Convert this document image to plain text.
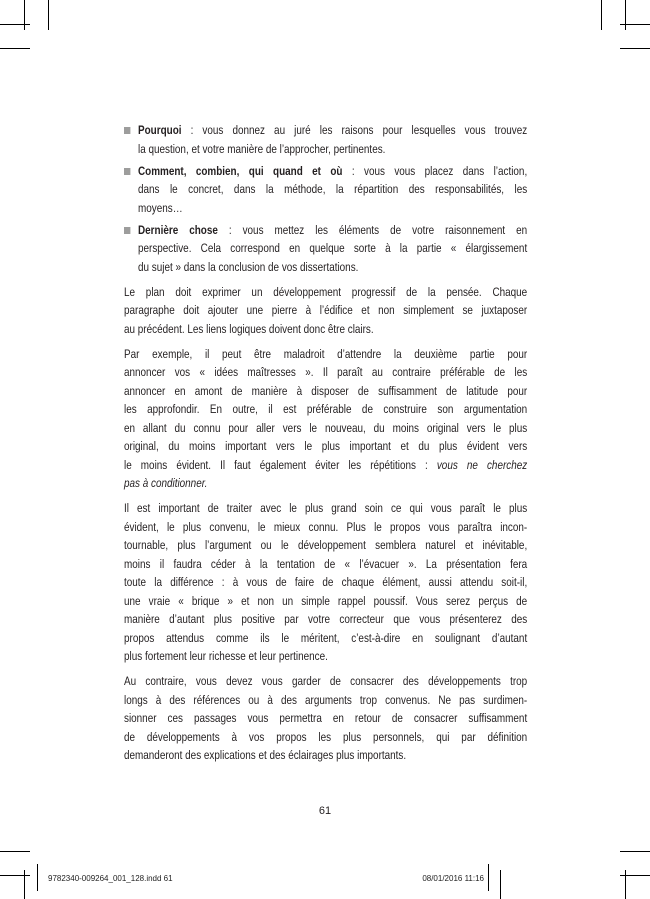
Pourquoi : vous donnez au juré les raisons pour lesquelles vous trouvez
la question, et votre manière de l’approcher, pertinentes.
Comment, combien, qui quand et où : vous vous placez dans l’action,
dans le concret, dans la méthode, la répartition des responsabilités, les
moyens…
Dernière chose : vous mettez les éléments de votre raisonnement en
perspective. Cela correspond en quelque sorte à la partie « élargissement
du sujet » dans la conclusion de vos dissertations.
Le plan doit exprimer un développement progressif de la pensée. Chaque
paragraphe doit ajouter une pierre à l’édifice et non simplement se juxtaposer
au précédent. Les liens logiques doivent donc être clairs.
Par exemple, il peut être maladroit d’attendre la deuxième partie pour
annoncer vos « idées maîtresses ». Il paraît au contraire préférable de les
annoncer en amont de manière à disposer de suffisamment de latitude pour
les approfondir. En outre, il est préférable de construire son argumentation
en allant du connu pour aller vers le nouveau, du moins original vers le plus
original, du moins important vers le plus important et du plus évident vers
le moins évident. Il faut également éviter les répétitions : vous ne cherchez
pas à conditionner.
Il est important de traiter avec le plus grand soin ce qui vous paraît le plus
évident, le plus convenu, le mieux connu. Plus le propos vous paraîtra incon-
tournable, plus l’argument ou le développement semblera naturel et inévitable,
moins il faudra céder à la tentation de « l’évacuer ». La présentation fera
toute la différence : à vous de faire de chaque élément, aussi attendu soit-il,
une vraie « brique » et non un simple rappel poussif. Vous serez perçus de
manière d’autant plus positive par votre correcteur que vous présenterez des
propos attendus comme ils le méritent, c’est-à-dire en soulignant d’autant
plus fortement leur richesse et leur pertinence.
Au contraire, vous devez vous garder de consacrer des développements trop
longs à des références ou à des arguments trop convenus. Ne pas surdimen-
sionner ces passages vous permettra en retour de consacrer suffisamment
de développements à vos propos les plus personnels, qui par définition
demanderont des explications et des éclairages plus importants.
61
9782340-009264_001_128.indd 61	08/01/2016 11:16
